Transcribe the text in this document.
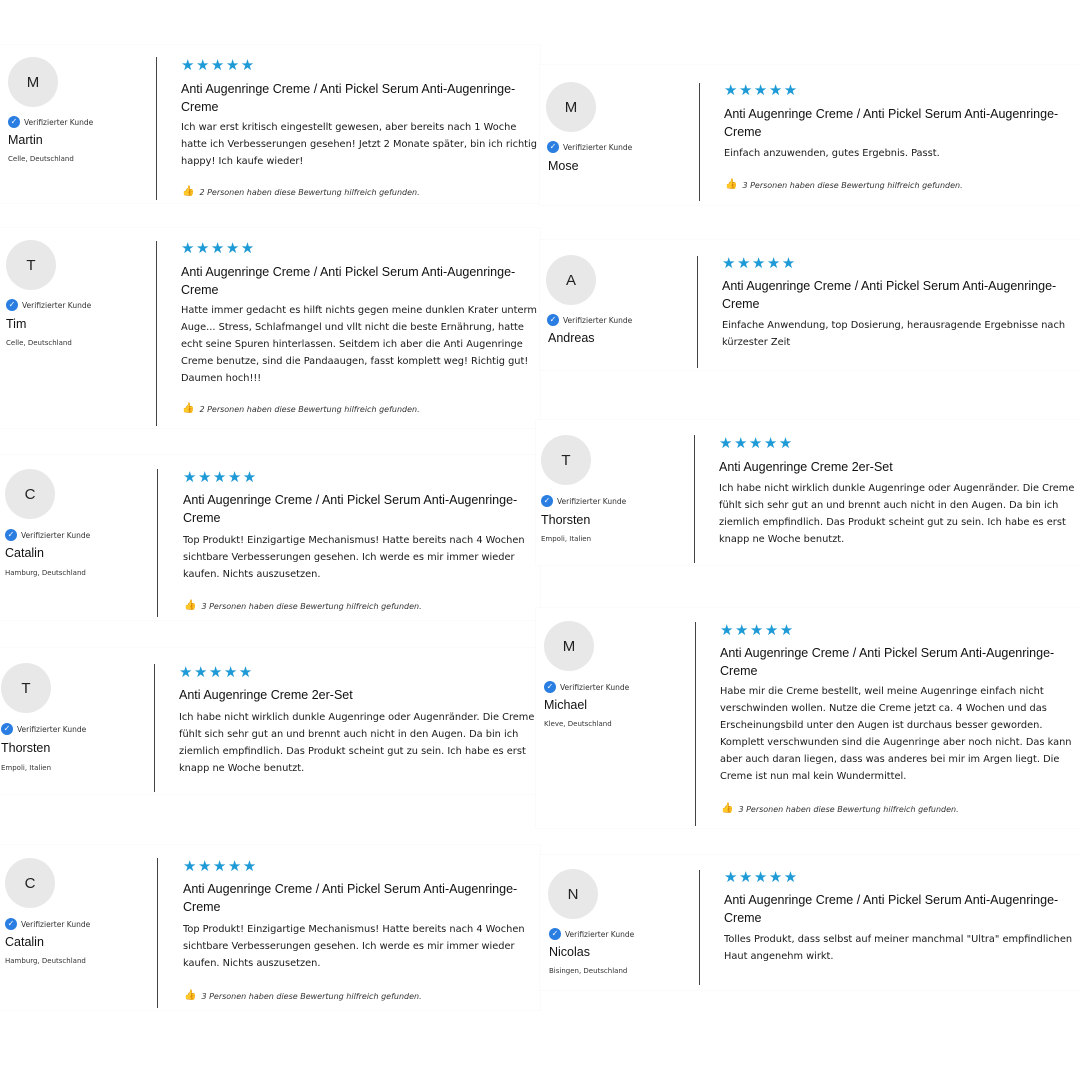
M
✓ Verifizierter Kunde
Martin
Celle, Deutschland
★★★★★
Anti Augenringe Creme / Anti Pickel Serum Anti-Augenringe-Creme
Ich war erst kritisch eingestellt gewesen, aber bereits nach 1 Woche hatte ich Verbesserungen gesehen! Jetzt 2 Monate später, bin ich richtig happy! Ich kaufe wieder!
👍 2 Personen haben diese Bewertung hilfreich gefunden.
T
✓ Verifizierter Kunde
Tim
Celle, Deutschland
★★★★★
Anti Augenringe Creme / Anti Pickel Serum Anti-Augenringe-Creme
Hatte immer gedacht es hilft nichts gegen meine dunklen Krater unterm Auge... Stress, Schlafmangel und vllt nicht die beste Ernährung, hatte echt seine Spuren hinterlassen. Seitdem ich aber die Anti Augenringe Creme benutze, sind die Pandaaugen, fasst komplett weg! Richtig gut! Daumen hoch!!!
👍 2 Personen haben diese Bewertung hilfreich gefunden.
C
✓ Verifizierter Kunde
Catalin
Hamburg, Deutschland
★★★★★
Anti Augenringe Creme / Anti Pickel Serum Anti-Augenringe-Creme
Top Produkt! Einzigartige Mechanismus! Hatte bereits nach 4 Wochen sichtbare Verbesserungen gesehen. Ich werde es mir immer wieder kaufen. Nichts auszusetzen.
👍 3 Personen haben diese Bewertung hilfreich gefunden.
T
✓ Verifizierter Kunde
Thorsten
Empoli, Italien
★★★★★
Anti Augenringe Creme 2er-Set
Ich habe nicht wirklich dunkle Augenringe oder Augenränder. Die Creme fühlt sich sehr gut an und brennt auch nicht in den Augen. Da bin ich ziemlich empfindlich. Das Produkt scheint gut zu sein. Ich habe es erst knapp ne Woche benutzt.
C
✓ Verifizierter Kunde
Catalin
Hamburg, Deutschland
★★★★★
Anti Augenringe Creme / Anti Pickel Serum Anti-Augenringe-Creme
Top Produkt! Einzigartige Mechanismus! Hatte bereits nach 4 Wochen sichtbare Verbesserungen gesehen. Ich werde es mir immer wieder kaufen. Nichts auszusetzen.
👍 3 Personen haben diese Bewertung hilfreich gefunden.
M
✓ Verifizierter Kunde
Mose
★★★★★
Anti Augenringe Creme / Anti Pickel Serum Anti-Augenringe-Creme
Einfach anzuwenden, gutes Ergebnis. Passt.
👍 3 Personen haben diese Bewertung hilfreich gefunden.
A
✓ Verifizierter Kunde
Andreas
★★★★★
Anti Augenringe Creme / Anti Pickel Serum Anti-Augenringe-Creme
Einfache Anwendung, top Dosierung, herausragende Ergebnisse nach kürzester Zeit
T
✓ Verifizierter Kunde
Thorsten
Empoli, Italien
★★★★★
Anti Augenringe Creme 2er-Set
Ich habe nicht wirklich dunkle Augenringe oder Augenränder. Die Creme fühlt sich sehr gut an und brennt auch nicht in den Augen. Da bin ich ziemlich empfindlich. Das Produkt scheint gut zu sein. Ich habe es erst knapp ne Woche benutzt.
M
✓ Verifizierter Kunde
Michael
Kleve, Deutschland
★★★★★
Anti Augenringe Creme / Anti Pickel Serum Anti-Augenringe-Creme
Habe mir die Creme bestellt, weil meine Augenringe einfach nicht verschwinden wollen. Nutze die Creme jetzt ca. 4 Wochen und das Erscheinungsbild unter den Augen ist durchaus besser geworden. Komplett verschwunden sind die Augenringe aber noch nicht. Das kann aber auch daran liegen, dass was anderes bei mir im Argen liegt. Die Creme ist nun mal kein Wundermittel.
👍 3 Personen haben diese Bewertung hilfreich gefunden.
N
✓ Verifizierter Kunde
Nicolas
Bisingen, Deutschland
★★★★★
Anti Augenringe Creme / Anti Pickel Serum Anti-Augenringe-Creme
Tolles Produkt, dass selbst auf meiner manchmal "Ultra" empfindlichen Haut angenehm wirkt.
